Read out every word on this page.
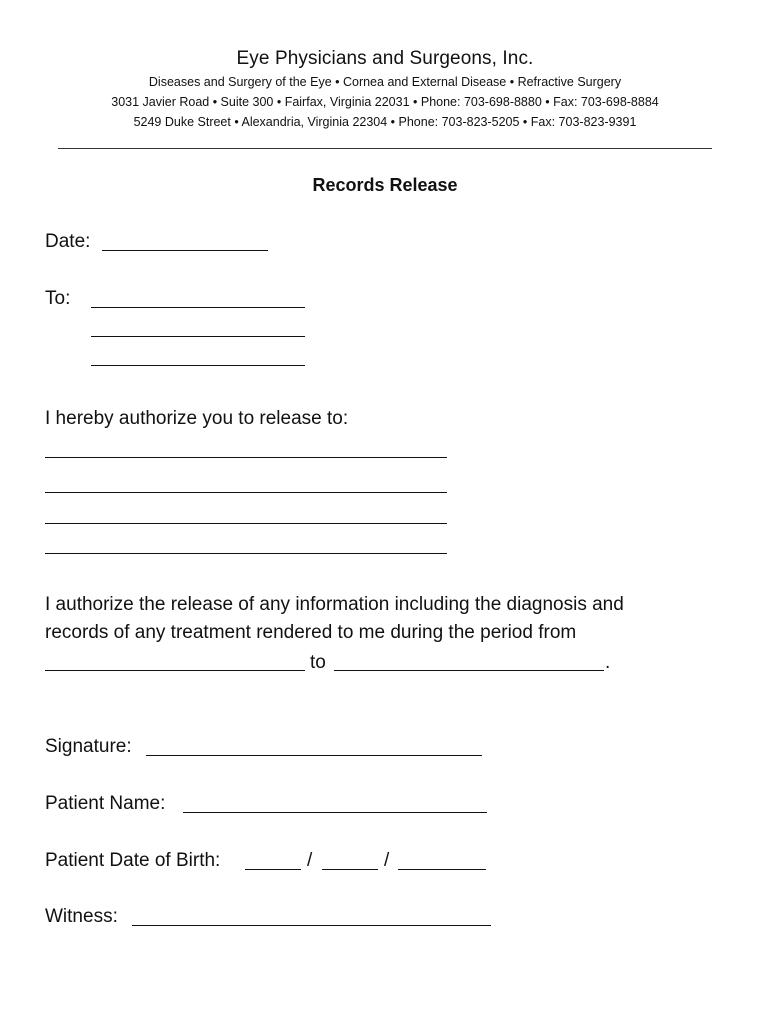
Eye Physicians and Surgeons, Inc.
Diseases and Surgery of the Eye • Cornea and External Disease • Refractive Surgery
3031 Javier Road • Suite 300 • Fairfax, Virginia 22031 • Phone: 703-698-8880 • Fax: 703-698-8884
5249 Duke Street • Alexandria, Virginia 22304 • Phone: 703-823-5205 • Fax: 703-823-9391
Records Release
Date:
To:
I hereby authorize you to release to:
I authorize the release of any information including the diagnosis and
records of any treatment rendered to me during the period from
to	.
Signature:
Patient Name:
Patient Date of Birth:	/	/
Witness:
